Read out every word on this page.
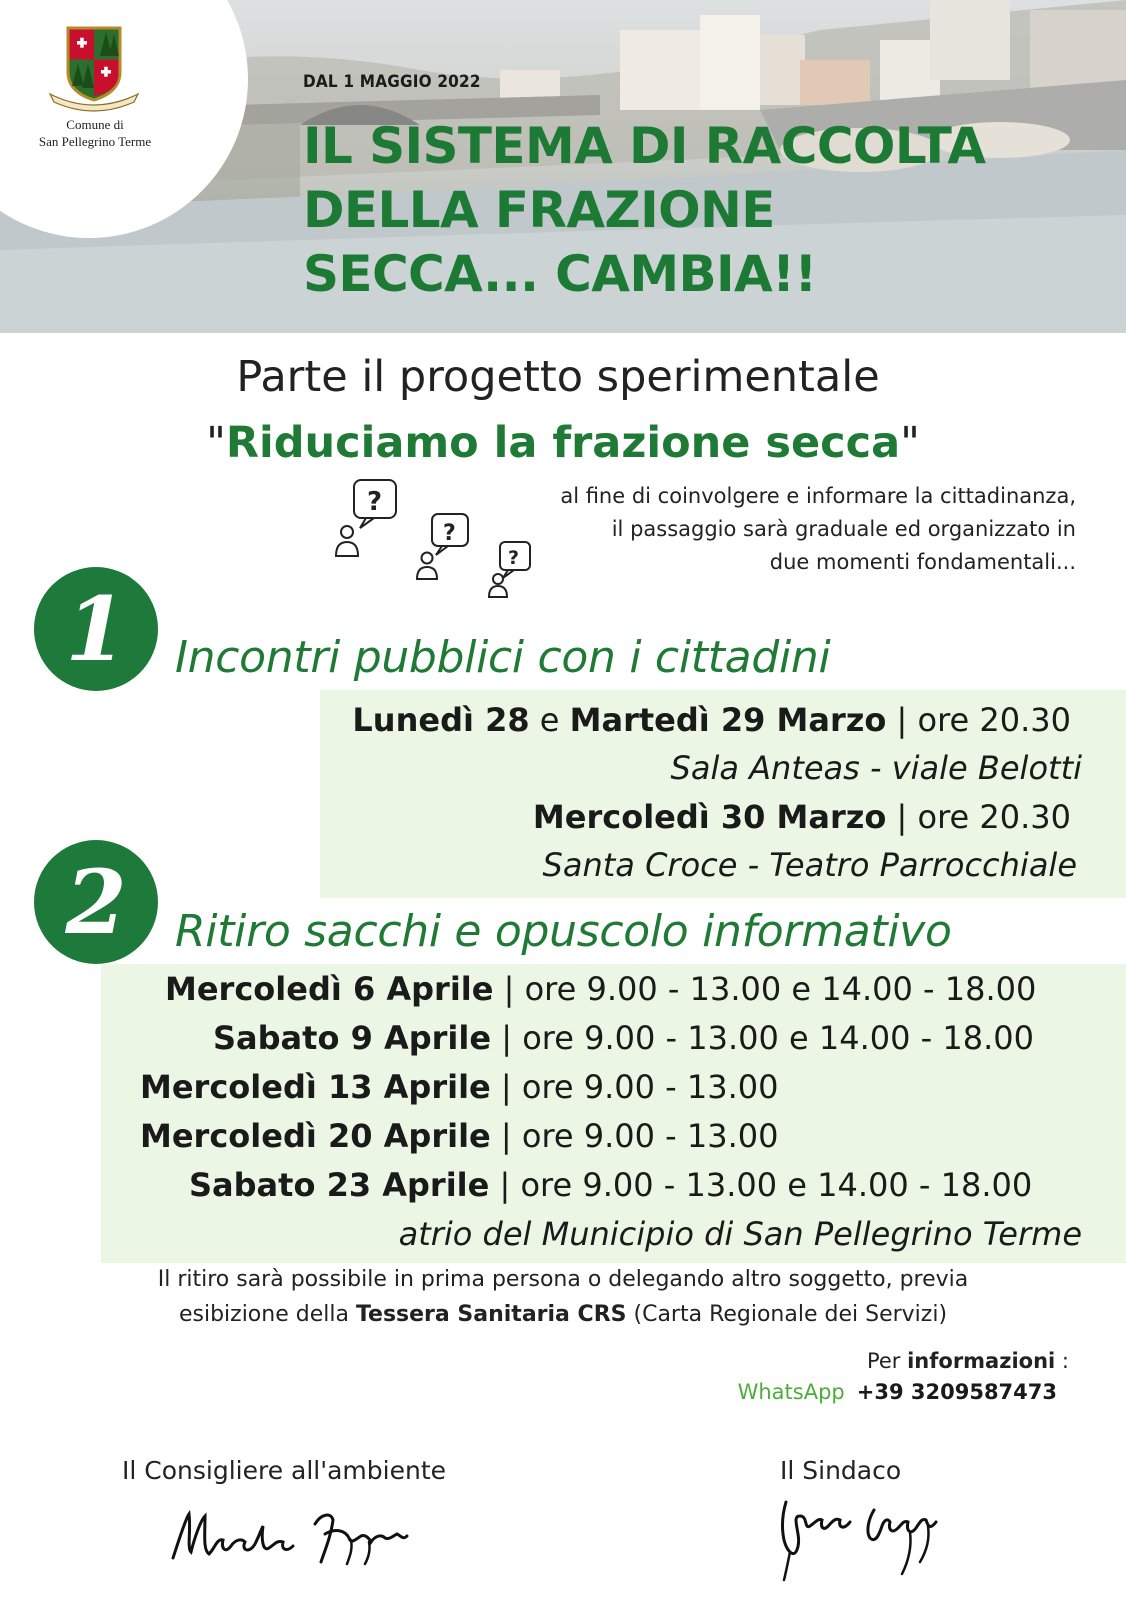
Comune di
San Pellegrino Terme
DAL 1 MAGGIO 2022
IL SISTEMA DI RACCOLTA
DELLA FRAZIONE
SECCA... CAMBIA!!
Parte il progetto sperimentale
"Riduciamo la frazione secca"
?
?
?
al fine di coinvolgere e informare la cittadinanza,
il passaggio sarà graduale ed organizzato in
due momenti fondamentali...
1	Incontri pubblici con i cittadini
Lunedì 28 e Martedì 29 Marzo | ore 20.30
Sala Anteas - viale Belotti
Mercoledì 30 Marzo | ore 20.30
Santa Croce - Teatro Parrocchiale
2	Ritiro sacchi e opuscolo informativo
Mercoledì 6 Aprile | ore 9.00 - 13.00 e 14.00 - 18.00
Sabato 9 Aprile | ore 9.00 - 13.00 e 14.00 - 18.00
Mercoledì 13 Aprile | ore 9.00 - 13.00
Mercoledì 20 Aprile | ore 9.00 - 13.00
Sabato 23 Aprile | ore 9.00 - 13.00 e 14.00 - 18.00
atrio del Municipio di San Pellegrino Terme
Il ritiro sarà possibile in prima persona o delegando altro soggetto, previa
esibizione della Tessera Sanitaria CRS (Carta Regionale dei Servizi)
Per informazioni :
WhatsApp +39 3209587473
Il Consigliere all'ambiente	Il Sindaco
